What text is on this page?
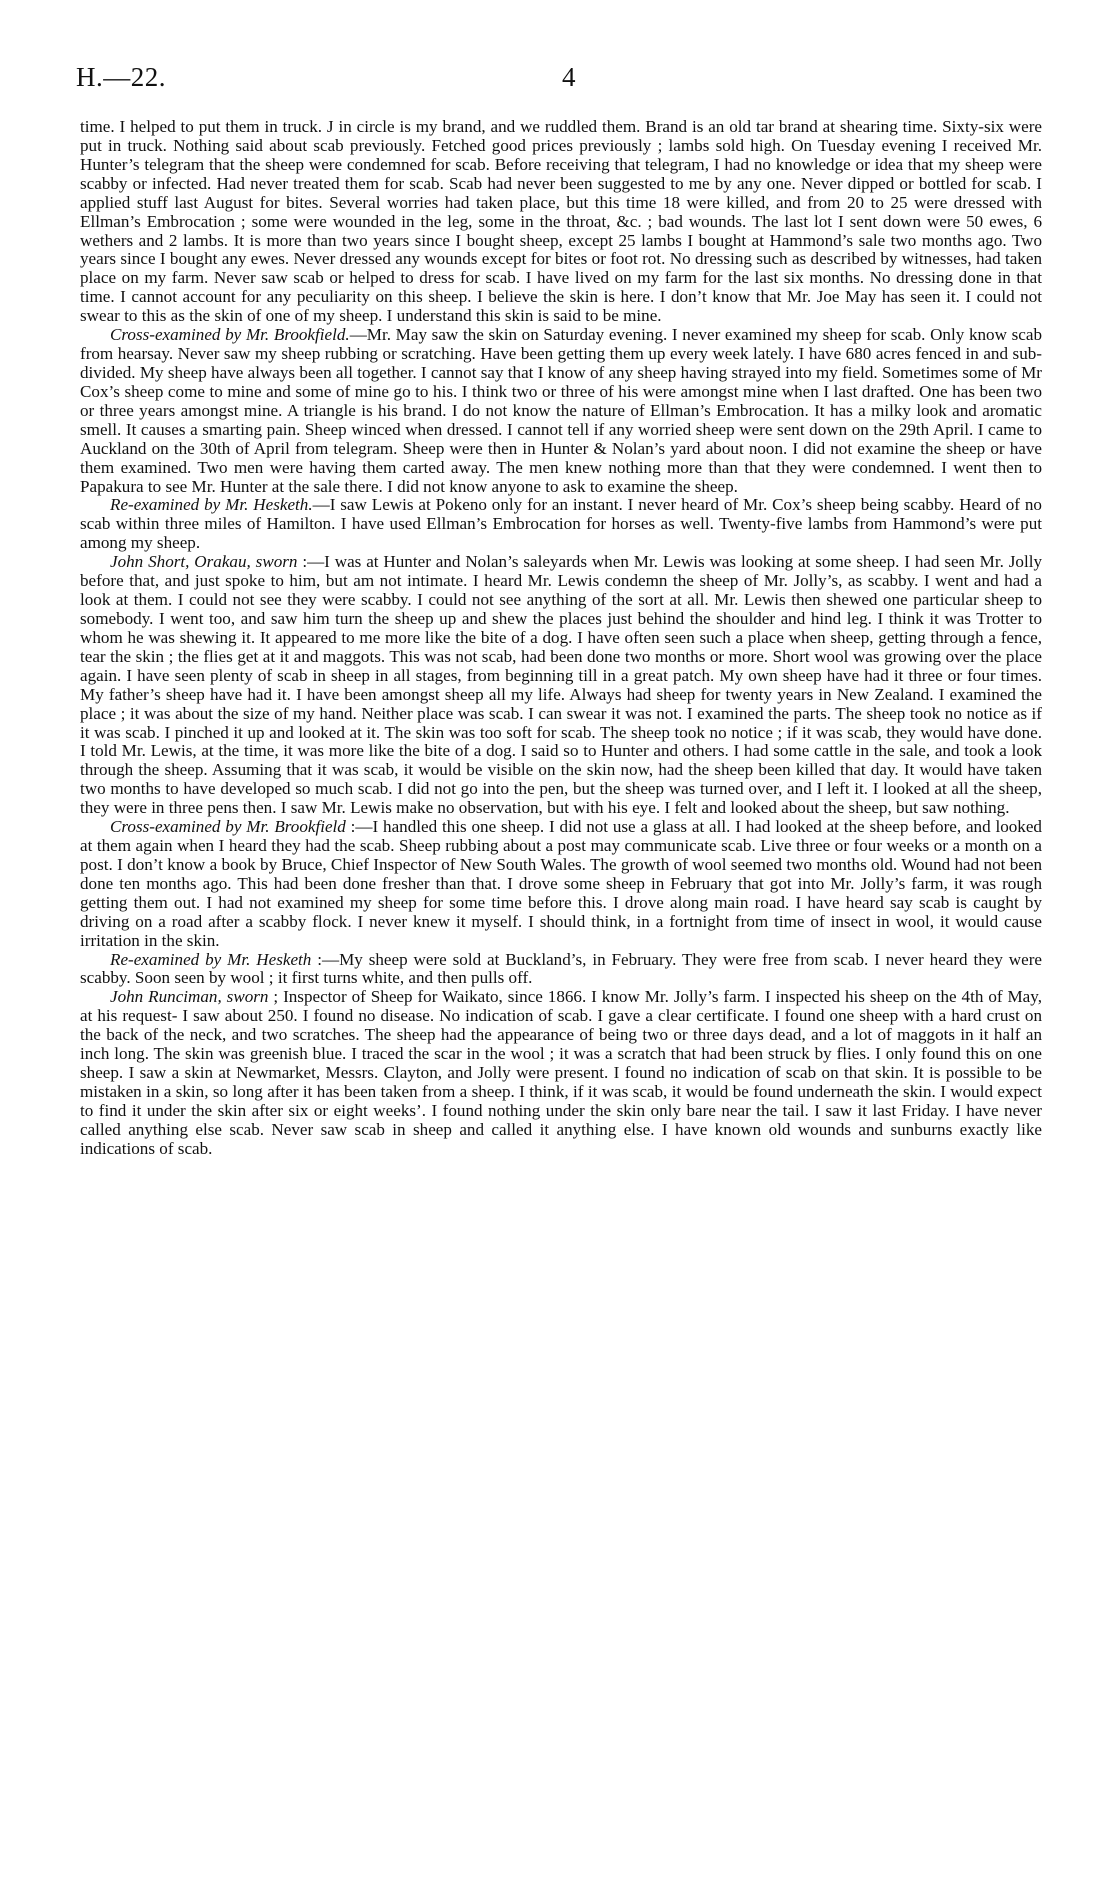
H.—22.	4

time. I helped to put them in truck. J in circle is my brand, and we ruddled them. Brand is an old tar brand at shearing time. Sixty-six were put in truck. Nothing said about scab previously. Fetched good prices previously ; lambs sold high. On Tuesday evening I received Mr. Hunter’s telegram that the sheep were condemned for scab. Before receiving that telegram, I had no knowledge or idea that my sheep were scabby or infected. Had never treated them for scab. Scab had never been suggested to me by any one. Never dipped or bottled for scab. I applied stuff last August for bites. Several worries had taken place, but this time 18 were killed, and from 20 to 25 were dressed with Ellman’s Embrocation ; some were wounded in the leg, some in the throat, &c. ; bad wounds. The last lot I sent down were 50 ewes, 6 wethers and 2 lambs. It is more than two years since I bought sheep, except 25 lambs I bought at Hammond’s sale two months ago. Two years since I bought any ewes. Never dressed any wounds except for bites or foot rot. No dressing such as described by witnesses, had taken place on my farm. Never saw scab or helped to dress for scab. I have lived on my farm for the last six months. No dressing done in that time. I cannot account for any peculiarity on this sheep. I believe the skin is here. I don’t know that Mr. Joe May has seen it. I could not swear to this as the skin of one of my sheep. I understand this skin is said to be mine.

Cross-examined by Mr. Brookfield.—Mr. May saw the skin on Saturday evening. I never examined my sheep for scab. Only know scab from hearsay. Never saw my sheep rubbing or scratching. Have been getting them up every week lately. I have 680 acres fenced in and sub-divided. My sheep have always been all together. I cannot say that I know of any sheep having strayed into my field. Sometimes some of Mr Cox’s sheep come to mine and some of mine go to his. I think two or three of his were amongst mine when I last drafted. One has been two or three years amongst mine. A triangle is his brand. I do not know the nature of Ellman’s Embrocation. It has a milky look and aromatic smell. It causes a smarting pain. Sheep winced when dressed. I cannot tell if any worried sheep were sent down on the 29th April. I came to Auckland on the 30th of April from telegram. Sheep were then in Hunter & Nolan’s yard about noon. I did not examine the sheep or have them examined. Two men were having them carted away. The men knew nothing more than that they were condemned. I went then to Papakura to see Mr. Hunter at the sale there. I did not know anyone to ask to examine the sheep.

Re-examined by Mr. Hesketh.—I saw Lewis at Pokeno only for an instant. I never heard of Mr. Cox’s sheep being scabby. Heard of no scab within three miles of Hamilton. I have used Ellman’s Embrocation for horses as well. Twenty-five lambs from Hammond’s were put among my sheep.

John Short, Orakau, sworn :—I was at Hunter and Nolan’s saleyards when Mr. Lewis was looking at some sheep. I had seen Mr. Jolly before that, and just spoke to him, but am not intimate. I heard Mr. Lewis condemn the sheep of Mr. Jolly’s, as scabby. I went and had a look at them. I could not see they were scabby. I could not see anything of the sort at all. Mr. Lewis then shewed one particular sheep to somebody. I went too, and saw him turn the sheep up and shew the places just behind the shoulder and hind leg. I think it was Trotter to whom he was shewing it. It appeared to me more like the bite of a dog. I have often seen such a place when sheep, getting through a fence, tear the skin ; the flies get at it and maggots. This was not scab, had been done two months or more. Short wool was growing over the place again. I have seen plenty of scab in sheep in all stages, from beginning till in a great patch. My own sheep have had it three or four times. My father’s sheep have had it. I have been amongst sheep all my life. Always had sheep for twenty years in New Zealand. I examined the place ; it was about the size of my hand. Neither place was scab. I can swear it was not. I examined the parts. The sheep took no notice as if it was scab. I pinched it up and looked at it. The skin was too soft for scab. The sheep took no notice ; if it was scab, they would have done. I told Mr. Lewis, at the time, it was more like the bite of a dog. I said so to Hunter and others. I had some cattle in the sale, and took a look through the sheep. Assuming that it was scab, it would be visible on the skin now, had the sheep been killed that day. It would have taken two months to have developed so much scab. I did not go into the pen, but the sheep was turned over, and I left it. I looked at all the sheep, they were in three pens then. I saw Mr. Lewis make no observation, but with his eye. I felt and looked about the sheep, but saw nothing.

Cross-examined by Mr. Brookfield :—I handled this one sheep. I did not use a glass at all. I had looked at the sheep before, and looked at them again when I heard they had the scab. Sheep rubbing about a post may communicate scab. Live three or four weeks or a month on a post. I don’t know a book by Bruce, Chief Inspector of New South Wales. The growth of wool seemed two months old. Wound had not been done ten months ago. This had been done fresher than that. I drove some sheep in February that got into Mr. Jolly’s farm, it was rough getting them out. I had not examined my sheep for some time before this. I drove along main road. I have heard say scab is caught by driving on a road after a scabby flock. I never knew it myself. I should think, in a fortnight from time of insect in wool, it would cause irritation in the skin.

Re-examined by Mr. Hesketh :—My sheep were sold at Buckland’s, in February. They were free from scab. I never heard they were scabby. Soon seen by wool ; it first turns white, and then pulls off.

John Runciman, sworn ; Inspector of Sheep for Waikato, since 1866. I know Mr. Jolly’s farm. I inspected his sheep on the 4th of May, at his request- I saw about 250. I found no disease. No indication of scab. I gave a clear certificate. I found one sheep with a hard crust on the back of the neck, and two scratches. The sheep had the appearance of being two or three days dead, and a lot of maggots in it half an inch long. The skin was greenish blue. I traced the scar in the wool ; it was a scratch that had been struck by flies. I only found this on one sheep. I saw a skin at Newmarket, Messrs. Clayton, and Jolly were present. I found no indication of scab on that skin. It is possible to be mistaken in a skin, so long after it has been taken from a sheep. I think, if it was scab, it would be found underneath the skin. I would expect to find it under the skin after six or eight weeks’. I found nothing under the skin only bare near the tail. I saw it last Friday. I have never called anything else scab. Never saw scab in sheep and called it anything else. I have known old wounds and sunburns exactly like indications of scab.
